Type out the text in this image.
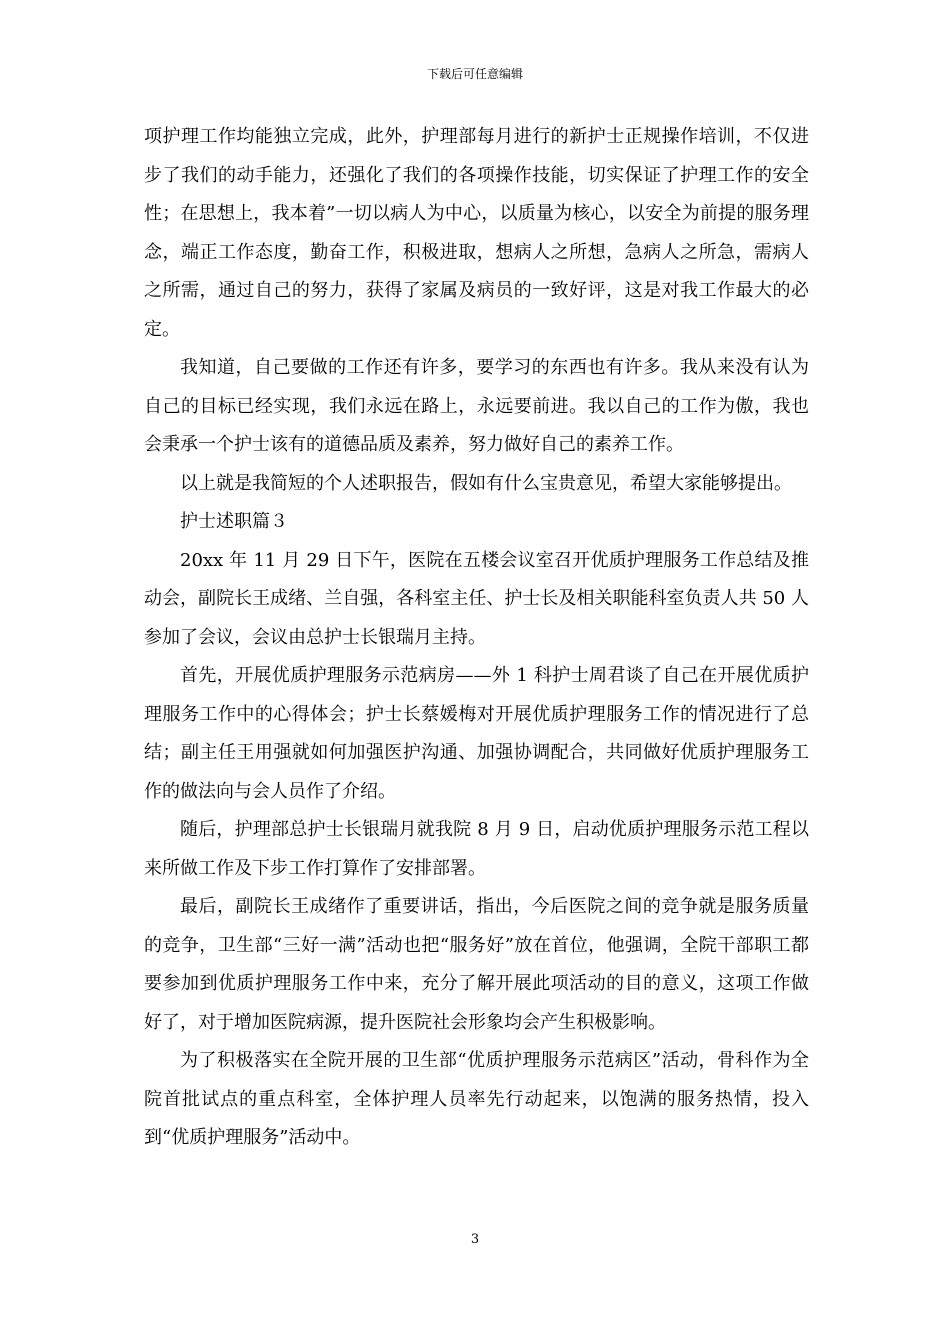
下载后可任意编辑

项护理工作均能独立完成，此外，护理部每月进行的新护士正规操作培训，不仅进步了我们的动手能力，还强化了我们的各项操作技能，切实保证了护理工作的安全性；在思想上，我本着”一切以病人为中心，以质量为核心，以安全为前提的服务理念，端正工作态度，勤奋工作，积极进取，想病人之所想，急病人之所急，需病人之所需，通过自己的努力，获得了家属及病员的一致好评，这是对我工作最大的必定。

我知道，自己要做的工作还有许多，要学习的东西也有许多。我从来没有认为自己的目标已经实现，我们永远在路上，永远要前进。我以自己的工作为傲，我也会秉承一个护士该有的道德品质及素养，努力做好自己的素养工作。

以上就是我简短的个人述职报告，假如有什么宝贵意见，希望大家能够提出。

护士述职篇３

20xx 年 11 月 29 日下午，医院在五楼会议室召开优质护理服务工作总结及推动会，副院长王成绪、兰自强，各科室主任、护士长及相关职能科室负责人共 50 人参加了会议，会议由总护士长银瑞月主持。

首先，开展优质护理服务示范病房——外 1 科护士周君谈了自己在开展优质护理服务工作中的心得体会；护士长蔡媛梅对开展优质护理服务工作的情况进行了总结；副主任王用强就如何加强医护沟通、加强协调配合，共同做好优质护理服务工作的做法向与会人员作了介绍。

随后，护理部总护士长银瑞月就我院 8 月 9 日，启动优质护理服务示范工程以来所做工作及下步工作打算作了安排部署。

最后，副院长王成绪作了重要讲话，指出，今后医院之间的竞争就是服务质量的竞争，卫生部“三好一满”活动也把“服务好”放在首位，他强调，全院干部职工都要参加到优质护理服务工作中来，充分了解开展此项活动的目的意义，这项工作做好了，对于增加医院病源，提升医院社会形象均会产生积极影响。

为了积极落实在全院开展的卫生部“优质护理服务示范病区”活动，骨科作为全院首批试点的重点科室，全体护理人员率先行动起来，以饱满的服务热情，投入到“优质护理服务”活动中。

3
